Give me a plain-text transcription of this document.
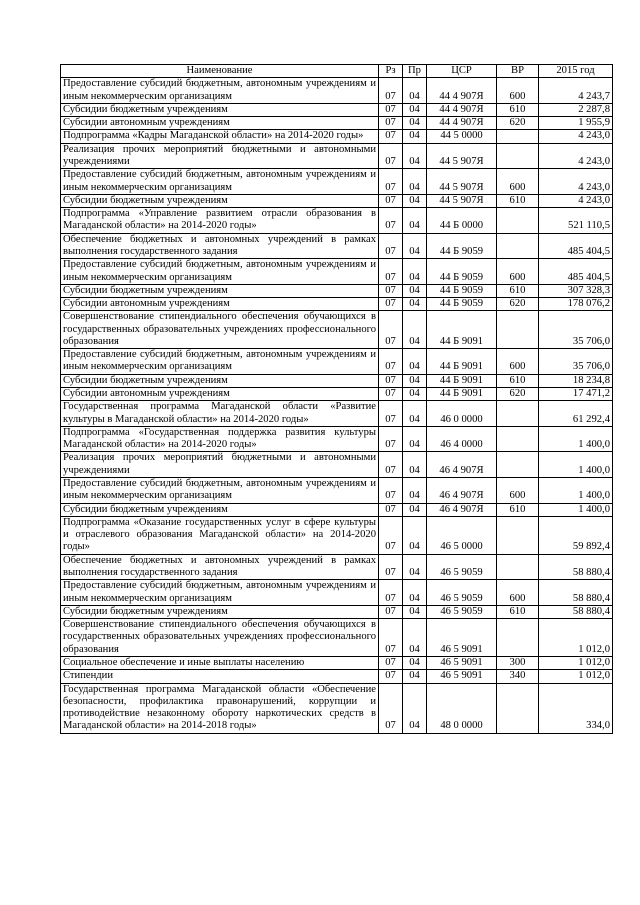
Наименование	Рз	Пр	ЦСР	ВР	2015 год
Предоставление субсидий бюджетным, автономным учреждениям и иным некоммерческим организациям	07	04	44 4 907Я	600	4 243,7
Субсидии бюджетным учреждениям	07	04	44 4 907Я	610	2 287,8
Субсидии автономным учреждениям	07	04	44 4 907Я	620	1 955,9
Подпрограмма «Кадры Магаданской области» на 2014-2020 годы»	07	04	44 5 0000		4 243,0
Реализация прочих мероприятий бюджетными и автономными учреждениями	07	04	44 5 907Я		4 243,0
Предоставление субсидий бюджетным, автономным учреждениям и иным некоммерческим организациям	07	04	44 5 907Я	600	4 243,0
Субсидии бюджетным учреждениям	07	04	44 5 907Я	610	4 243,0
Подпрограмма «Управление развитием отрасли образования в Магаданской области» на 2014-2020 годы»	07	04	44 Б 0000		521 110,5
Обеспечение бюджетных и автономных учреждений в рамках выполнения государственного задания	07	04	44 Б 9059		485 404,5
Предоставление субсидий бюджетным, автономным учреждениям и иным некоммерческим организациям	07	04	44 Б 9059	600	485 404,5
Субсидии бюджетным учреждениям	07	04	44 Б 9059	610	307 328,3
Субсидии автономным учреждениям	07	04	44 Б 9059	620	178 076,2
Совершенствование стипендиального обеспечения обучающихся в государственных образовательных учреждениях профессионального образования	07	04	44 Б 9091		35 706,0
Предоставление субсидий бюджетным, автономным учреждениям и иным некоммерческим организациям	07	04	44 Б 9091	600	35 706,0
Субсидии бюджетным учреждениям	07	04	44 Б 9091	610	18 234,8
Субсидии автономным учреждениям	07	04	44 Б 9091	620	17 471,2
Государственная программа Магаданской области «Развитие культуры в Магаданской области» на 2014-2020 годы»	07	04	46 0 0000		61 292,4
Подпрограмма «Государственная поддержка развития культуры Магаданской области» на 2014-2020 годы»	07	04	46 4 0000		1 400,0
Реализация прочих мероприятий бюджетными и автономными учреждениями	07	04	46 4 907Я		1 400,0
Предоставление субсидий бюджетным, автономным учреждениям и иным некоммерческим организациям	07	04	46 4 907Я	600	1 400,0
Субсидии бюджетным учреждениям	07	04	46 4 907Я	610	1 400,0
Подпрограмма «Оказание государственных услуг в сфере культуры и отраслевого образования Магаданской области» на 2014-2020 годы»	07	04	46 5 0000		59 892,4
Обеспечение бюджетных и автономных учреждений в рамках выполнения государственного задания	07	04	46 5 9059		58 880,4
Предоставление субсидий бюджетным, автономным учреждениям и иным некоммерческим организациям	07	04	46 5 9059	600	58 880,4
Субсидии бюджетным учреждениям	07	04	46 5 9059	610	58 880,4
Совершенствование стипендиального обеспечения обучающихся в государственных образовательных учреждениях профессионального образования	07	04	46 5 9091		1 012,0
Социальное обеспечение и иные выплаты населению	07	04	46 5 9091	300	1 012,0
Стипендии	07	04	46 5 9091	340	1 012,0
Государственная программа Магаданской области «Обеспечение безопасности, профилактика правонарушений, коррупции и противодействие незаконному обороту наркотических средств в Магаданской области» на 2014-2018 годы»	07	04	48 0 0000		334,0
